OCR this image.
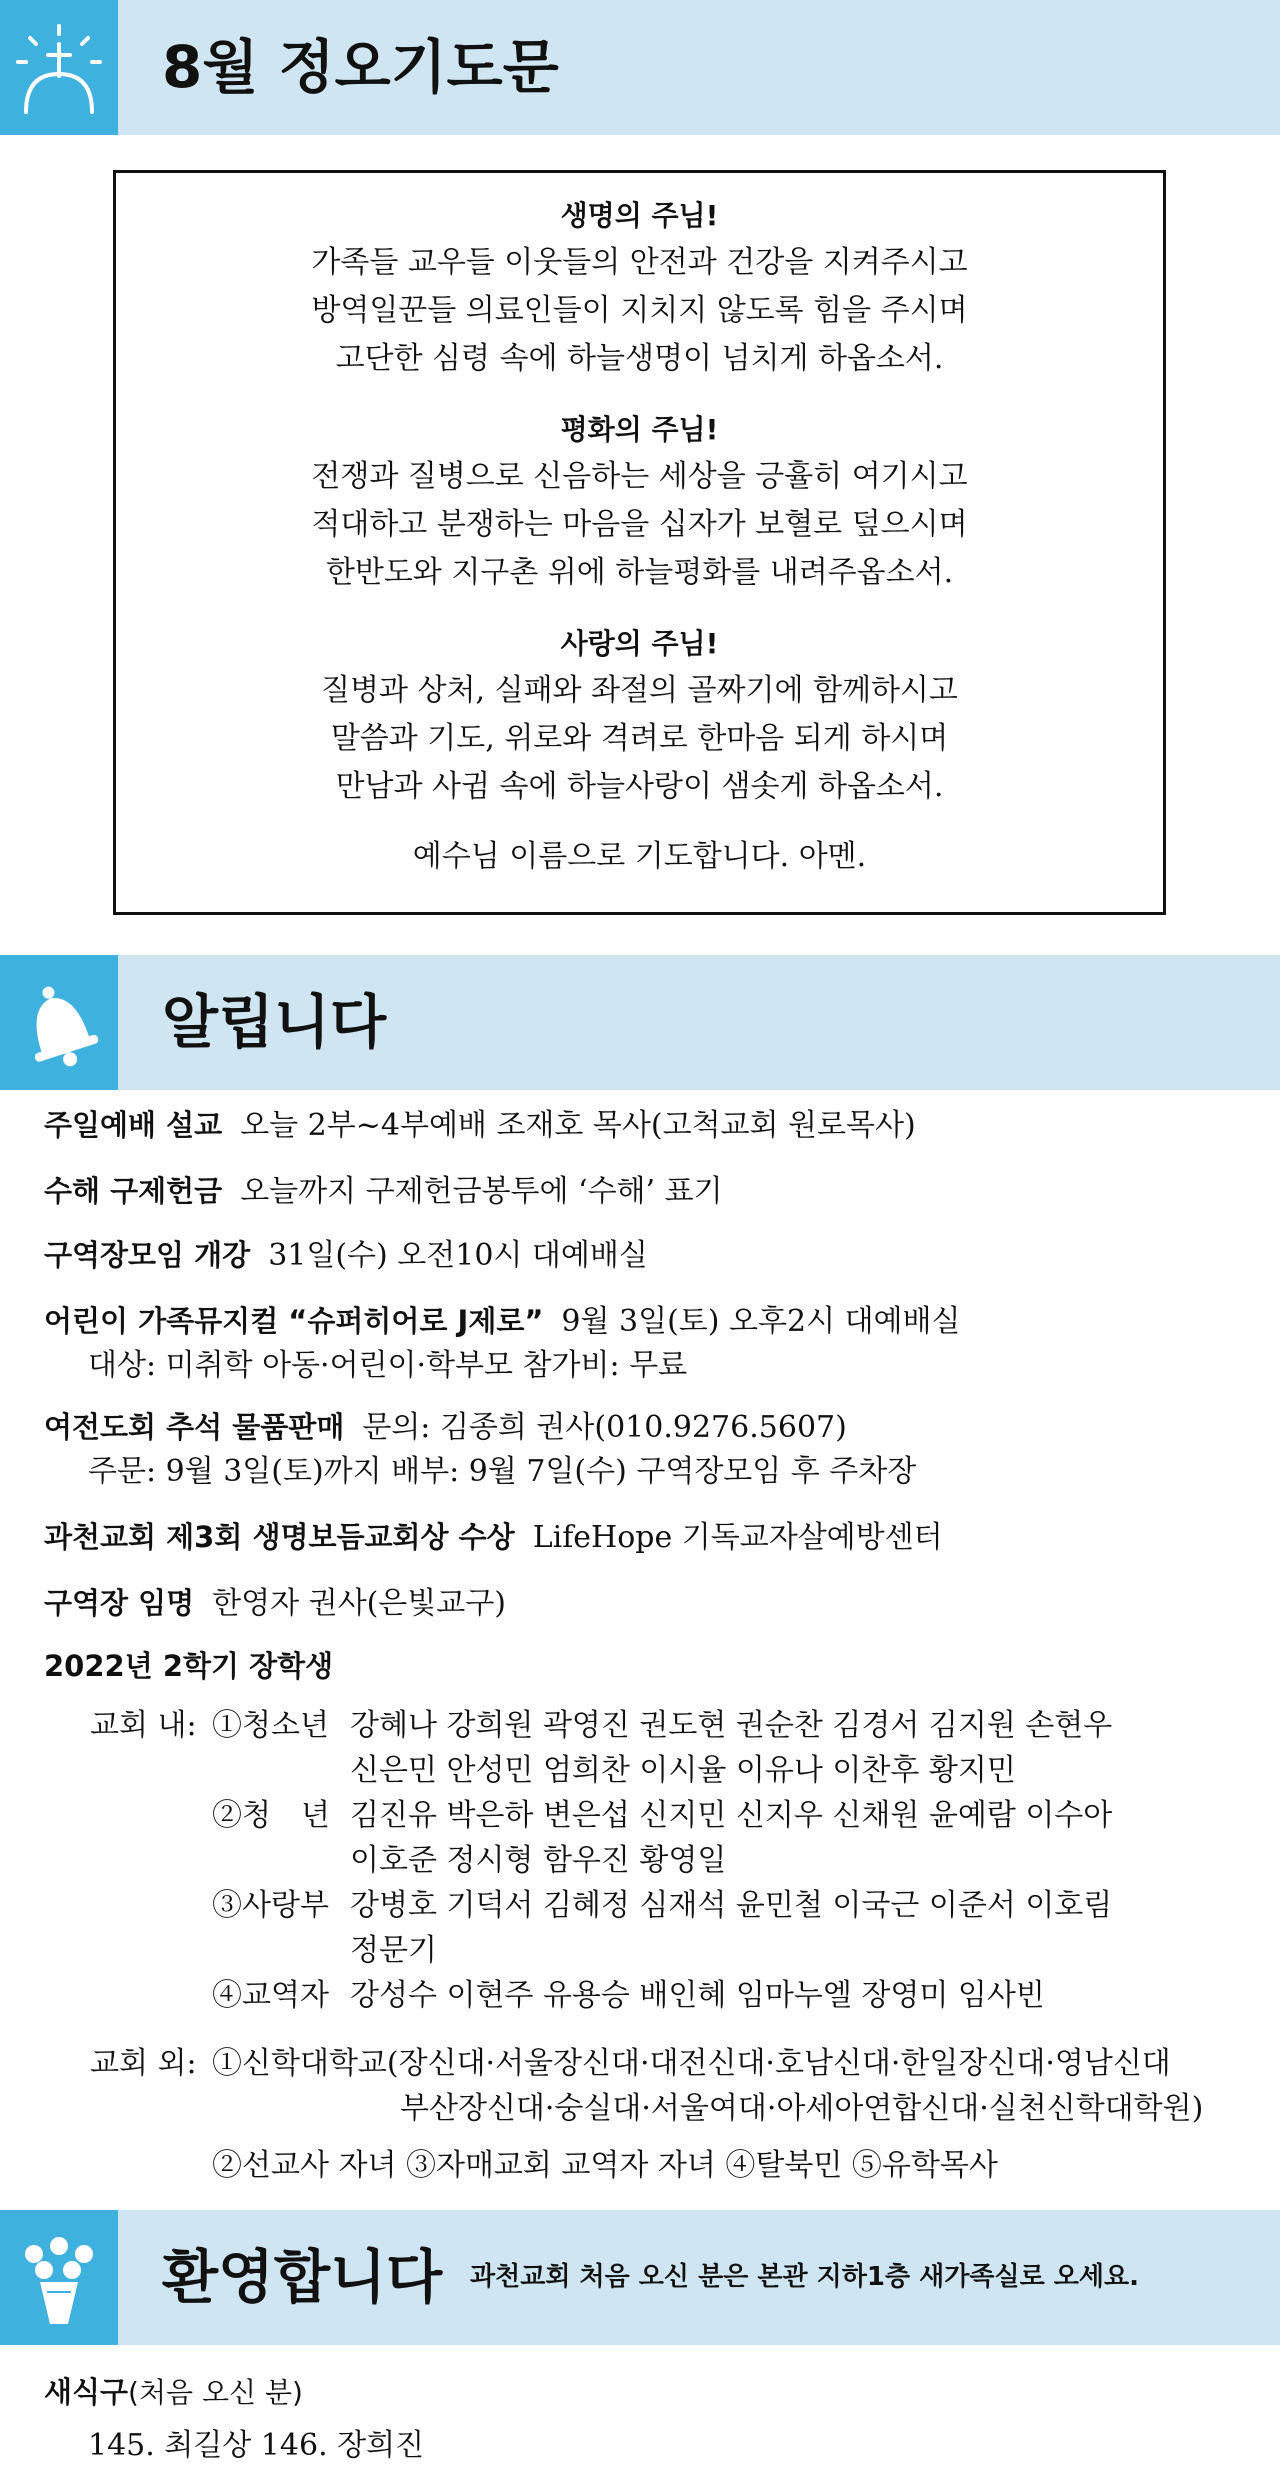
8월 정오기도문
생명의 주님!
가족들 교우들 이웃들의 안전과 건강을 지켜주시고
방역일꾼들 의료인들이 지치지 않도록 힘을 주시며
고단한 심령 속에 하늘생명이 넘치게 하옵소서.
평화의 주님!
전쟁과 질병으로 신음하는 세상을 긍휼히 여기시고
적대하고 분쟁하는 마음을 십자가 보혈로 덮으시며
한반도와 지구촌 위에 하늘평화를 내려주옵소서.
사랑의 주님!
질병과 상처, 실패와 좌절의 골짜기에 함께하시고
말씀과 기도, 위로와 격려로 한마음 되게 하시며
만남과 사귐 속에 하늘사랑이 샘솟게 하옵소서.
예수님 이름으로 기도합니다. 아멘.
알립니다
주일예배 설교 오늘 2부~4부예배 조재호 목사(고척교회 원로목사)
수해 구제헌금 오늘까지 구제헌금봉투에 ‘수해’ 표기
구역장모임 개강 31일(수) 오전10시 대예배실
어린이 가족뮤지컬 “슈퍼히어로 J제로” 9월 3일(토) 오후2시 대예배실
대상: 미취학 아동·어린이·학부모 참가비: 무료
여전도회 추석 물품판매 문의: 김종희 권사(010.9276.5607)
주문: 9월 3일(토)까지 배부: 9월 7일(수) 구역장모임 후 주차장
과천교회 제3회 생명보듬교회상 수상 LifeHope 기독교자살예방센터
구역장 임명 한영자 권사(은빛교구)
2022년 2학기 장학생
교회 내: ①청소년 강혜나 강희원 곽영진 권도현 권순찬 김경서 김지원 손현우
신은민 안성민 엄희찬 이시율 이유나 이찬후 황지민
②청　년 김진유 박은하 변은섭 신지민 신지우 신채원 윤예람 이수아
이호준 정시형 함우진 황영일
③사랑부 강병호 기덕서 김혜정 심재석 윤민철 이국근 이준서 이호림
정문기
④교역자 강성수 이현주 유용승 배인혜 임마누엘 장영미 임사빈
교회 외: ①신학대학교(장신대·서울장신대·대전신대·호남신대·한일장신대·영남신대
부산장신대·숭실대·서울여대·아세아연합신대·실천신학대학원)
②선교사 자녀 ③자매교회 교역자 자녀 ④탈북민 ⑤유학목사
환영합니다 과천교회 처음 오신 분은 본관 지하1층 새가족실로 오세요.
새식구(처음 오신 분)
145. 최길상 146. 장희진
